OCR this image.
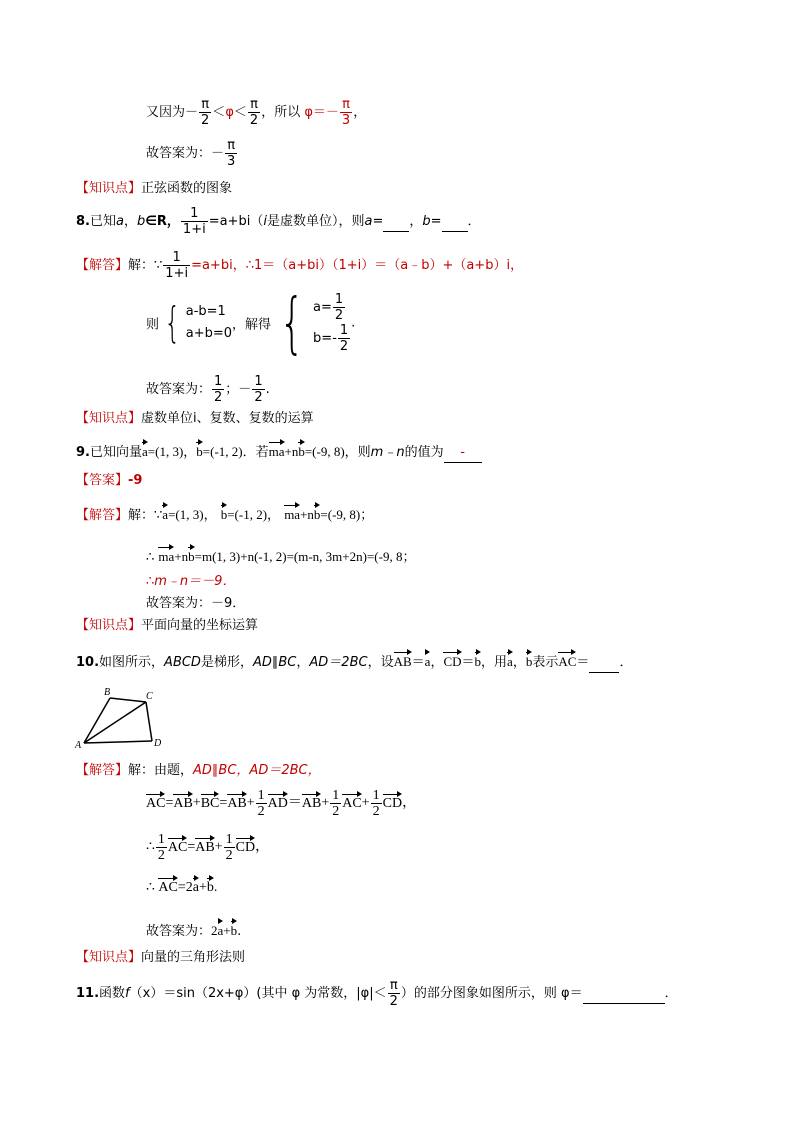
又因为－ $\frac{\pi}{2} <\varphi< \frac{\pi}{2}$ ，所以 $\varphi=- \frac{\pi}{3}$ ，
故答案为：－ $\frac{\pi}{3}$
【知识点】正弦函数的图象
8.已知a，b∈R， $\frac{1}{1+i} =a+bi(i$是虚数单位），则a= ，b= ．
【解答】解：∵ $\frac{1}{1+i} =a+bi$，∴1＝（a+bi）（1+i）＝（a﹣b）+（a+b）i，
则 { a-b=1
a+b=0
，解得 { $a= \frac{1}{2}$
$b=- \frac{1}{2}$ .
故答案为： $\frac{1}{2}$ ；－ $\frac{1}{2}$ .
【知识点】虚数单位i、复数、复数的运算
9.已知向量a=(1, 3)，b=(-1, 2)．若ma+nb=(-9, 8)，则m﹣n的值为 -
【答案】-9
【解答】解：∵a=(1, 3)， b=(-1, 2)， ma+nb=(-9, 8)；
∴ ma+nb=m(1, 3)+n(-1, 2)=(m-n, 3m+2n)=(-9, 8；
∴m﹣n＝－9．
故答案为：－9．
【知识点】平面向量的坐标运算
10.如图所示，ABCD是梯形，AD∥BC，AD＝2BC，设AB＝a，CD＝b，用a，b表示AC＝ ．
B	C
A	D
【解答】解：由题，AD∥BC，AD＝2BC，
$AC=AB+BC=AB+ \frac{1}{2} AD=AB+ \frac{1}{2} AC+ \frac{1}{2}$ CD，
∴ $\frac{1}{2} AC=AB+ \frac{1}{2}$ CD，
∴ AC=2a+b.
故答案为：2a+b.
【知识点】向量的三角形法则
11.函数f（x）＝sin（2x+φ）(其中 φ 为常数，$|\varphi|< \frac{\pi}{2}$ ）的部分图象如图所示，则 φ＝	．
